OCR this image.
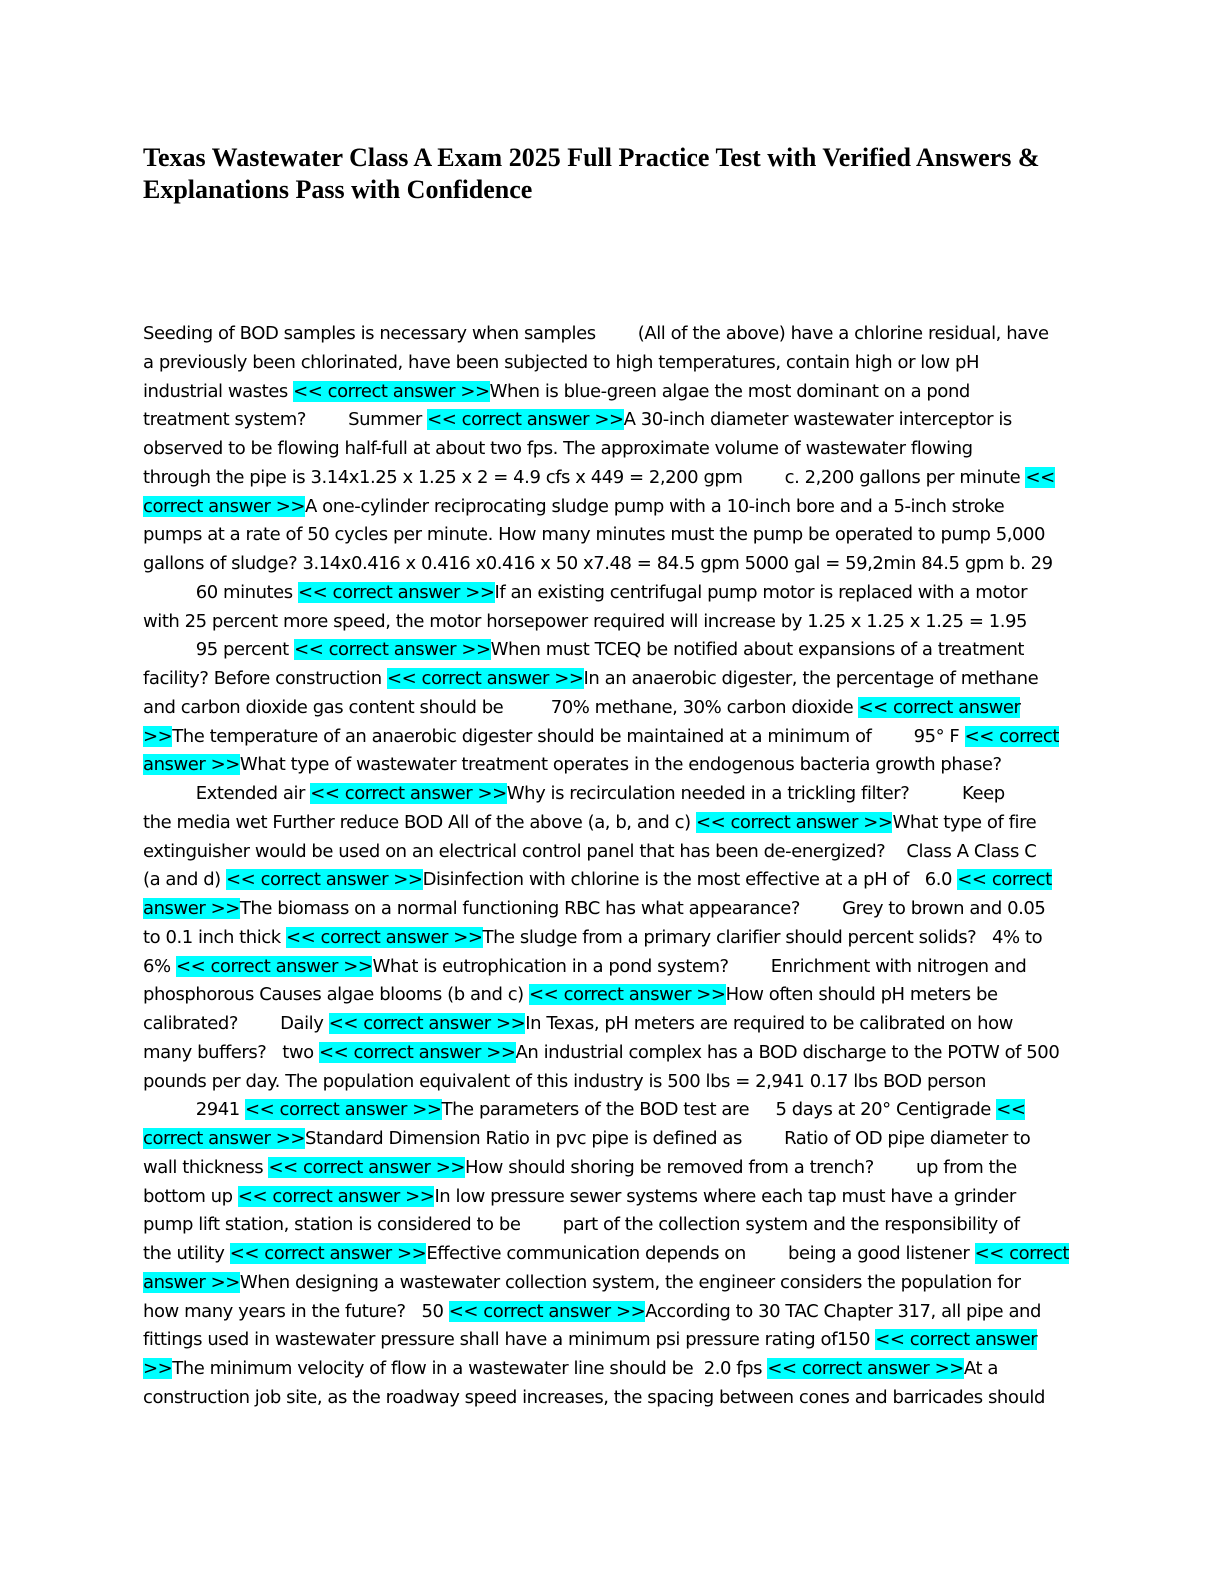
Texas Wastewater Class A Exam 2025 Full Practice Test with Verified Answers & Explanations Pass with Confidence
Seeding of BOD samples is necessary when samples        (All of the above) have a chlorine residual, have
a previously been chlorinated, have been subjected to high temperatures, contain high or low pH
industrial wastes << correct answer >>When is blue-green algae the most dominant on a pond
treatment system?        Summer << correct answer >>A 30-inch diameter wastewater interceptor is
observed to be flowing half-full at about two fps. The approximate volume of wastewater flowing
through the pipe is 3.14x1.25 x 1.25 x 2 = 4.9 cfs x 449 = 2,200 gpm        c. 2,200 gallons per minute <<
correct answer >>A one-cylinder reciprocating sludge pump with a 10-inch bore and a 5-inch stroke
pumps at a rate of 50 cycles per minute. How many minutes must the pump be operated to pump 5,000
gallons of sludge? 3.14x0.416 x 0.416 x0.416 x 50 x7.48 = 84.5 gpm 5000 gal = 59,2min 84.5 gpm b. 29
60 minutes << correct answer >>If an existing centrifugal pump motor is replaced with a motor
with 25 percent more speed, the motor horsepower required will increase by 1.25 x 1.25 x 1.25 = 1.95
95 percent << correct answer >>When must TCEQ be notified about expansions of a treatment
facility? Before construction << correct answer >>In an anaerobic digester, the percentage of methane
and carbon dioxide gas content should be         70% methane, 30% carbon dioxide << correct answer
>>The temperature of an anaerobic digester should be maintained at a minimum of        95° F << correct
answer >>What type of wastewater treatment operates in the endogenous bacteria growth phase?
Extended air << correct answer >>Why is recirculation needed in a trickling filter?          Keep
the media wet Further reduce BOD All of the above (a, b, and c) << correct answer >>What type of fire
extinguisher would be used on an electrical control panel that has been de-energized?    Class A Class C
(a and d) << correct answer >>Disinfection with chlorine is the most effective at a pH of   6.0 << correct
answer >>The biomass on a normal functioning RBC has what appearance?        Grey to brown and 0.05
to 0.1 inch thick << correct answer >>The sludge from a primary clarifier should percent solids?   4% to
6% << correct answer >>What is eutrophication in a pond system?        Enrichment with nitrogen and
phosphorous Causes algae blooms (b and c) << correct answer >>How often should pH meters be
calibrated?        Daily << correct answer >>In Texas, pH meters are required to be calibrated on how
many buffers?   two << correct answer >>An industrial complex has a BOD discharge to the POTW of 500
pounds per day. The population equivalent of this industry is 500 lbs = 2,941 0.17 lbs BOD person
2941 << correct answer >>The parameters of the BOD test are     5 days at 20° Centigrade <<
correct answer >>Standard Dimension Ratio in pvc pipe is defined as        Ratio of OD pipe diameter to
wall thickness << correct answer >>How should shoring be removed from a trench?        up from the
bottom up << correct answer >>In low pressure sewer systems where each tap must have a grinder
pump lift station, station is considered to be        part of the collection system and the responsibility of
the utility << correct answer >>Effective communication depends on        being a good listener << correct
answer >>When designing a wastewater collection system, the engineer considers the population for
how many years in the future?   50 << correct answer >>According to 30 TAC Chapter 317, all pipe and
fittings used in wastewater pressure shall have a minimum psi pressure rating of150 << correct answer
>>The minimum velocity of flow in a wastewater line should be  2.0 fps << correct answer >>At a
construction job site, as the roadway speed increases, the spacing between cones and barricades should
